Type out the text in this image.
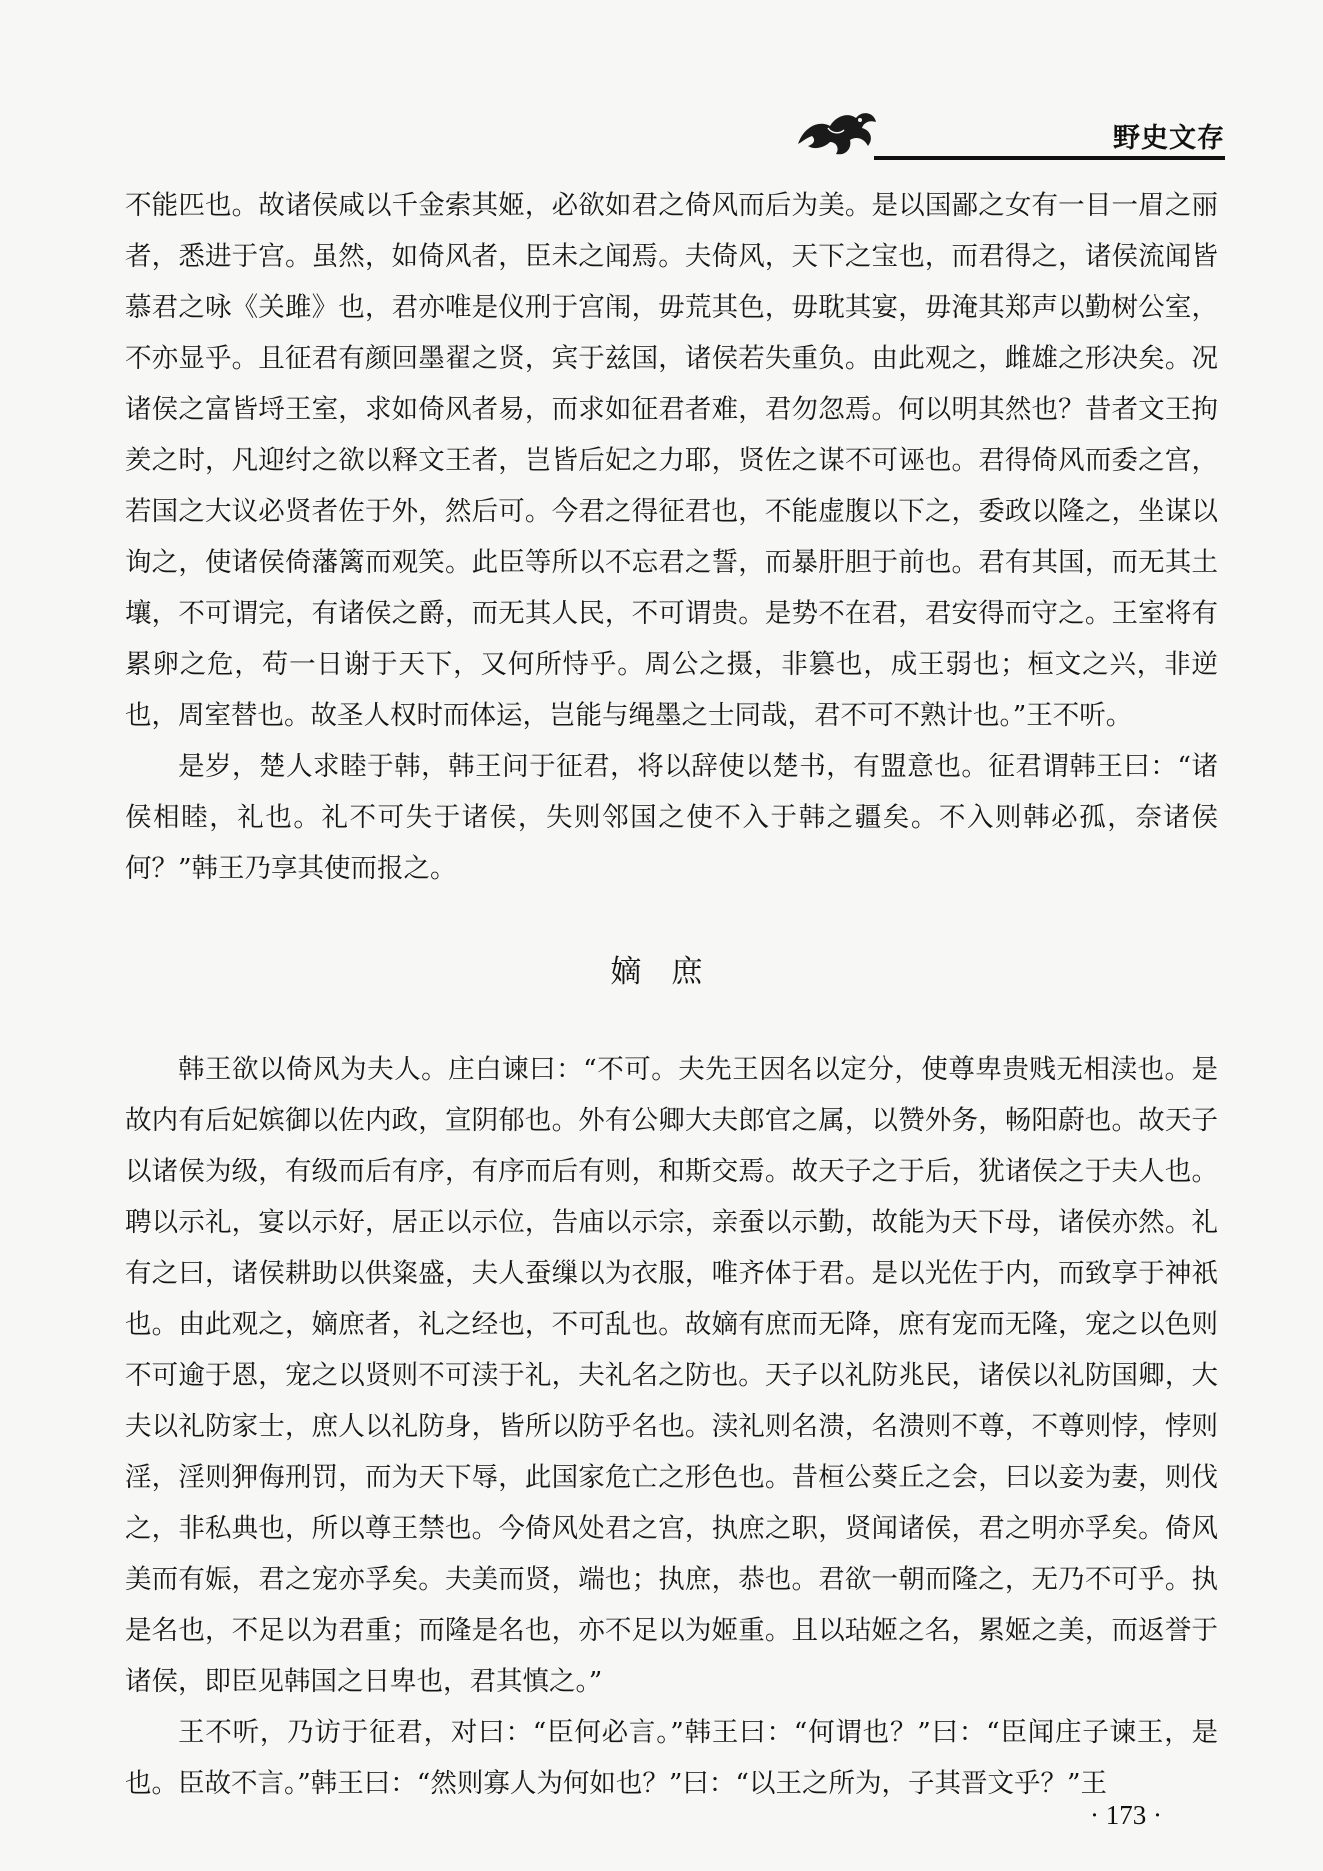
野史文存

不能匹也。故诸侯咸以千金索其姬，必欲如君之倚风而后为美。是以国鄙之女有一目一眉之丽者，悉进于宫。虽然，如倚风者，臣未之闻焉。夫倚风，天下之宝也，而君得之，诸侯流闻皆慕君之咏《关雎》也，君亦唯是仪刑于宫闱，毋荒其色，毋耽其宴，毋淹其郑声以勤树公室，不亦显乎。且征君有颜回墨翟之贤，宾于兹国，诸侯若失重负。由此观之，雌雄之形决矣。况诸侯之富皆埒王室，求如倚风者易，而求如征君者难，君勿忽焉。何以明其然也？昔者文王拘羑之时，凡迎纣之欲以释文王者，岂皆后妃之力耶，贤佐之谋不可诬也。君得倚风而委之宫，若国之大议必贤者佐于外，然后可。今君之得征君也，不能虚腹以下之，委政以隆之，坐谋以询之，使诸侯倚藩篱而观笑。此臣等所以不忘君之誓，而暴肝胆于前也。君有其国，而无其土壤，不可谓完，有诸侯之爵，而无其人民，不可谓贵。是势不在君，君安得而守之。王室将有累卵之危，苟一日谢于天下，又何所恃乎。周公之摄，非篡也，成王弱也；桓文之兴，非逆也，周室替也。故圣人权时而体运，岂能与绳墨之士同哉，君不可不熟计也。”王不听。

是岁，楚人求睦于韩，韩王问于征君，将以辞使以楚书，有盟意也。征君谓韩王曰：“诸侯相睦，礼也。礼不可失于诸侯，失则邻国之使不入于韩之疆矣。不入则韩必孤，奈诸侯何？”韩王乃享其使而报之。

嫡庶

韩王欲以倚风为夫人。庄白谏曰：“不可。夫先王因名以定分，使尊卑贵贱无相渎也。是故内有后妃嫔御以佐内政，宣阴郁也。外有公卿大夫郎官之属，以赞外务，畅阳蔚也。故天子以诸侯为级，有级而后有序，有序而后有则，和斯交焉。故天子之于后，犹诸侯之于夫人也。聘以示礼，宴以示好，居正以示位，告庙以示宗，亲蚕以示勤，故能为天下母，诸侯亦然。礼有之曰，诸侯耕助以供粢盛，夫人蚕缫以为衣服，唯齐体于君。是以光佐于内，而致享于神祇也。由此观之，嫡庶者，礼之经也，不可乱也。故嫡有庶而无降，庶有宠而无隆，宠之以色则不可逾于恩，宠之以贤则不可渎于礼，夫礼名之防也。天子以礼防兆民，诸侯以礼防国卿，大夫以礼防家士，庶人以礼防身，皆所以防乎名也。渎礼则名溃，名溃则不尊，不尊则悖，悖则淫，淫则狎侮刑罚，而为天下辱，此国家危亡之形色也。昔桓公葵丘之会，曰以妾为妻，则伐之，非私典也，所以尊王禁也。今倚风处君之宫，执庶之职，贤闻诸侯，君之明亦孚矣。倚风美而有娠，君之宠亦孚矣。夫美而贤，端也；执庶，恭也。君欲一朝而隆之，无乃不可乎。执是名也，不足以为君重；而隆是名也，亦不足以为姬重。且以玷姬之名，累姬之美，而返誉于诸侯，即臣见韩国之日卑也，君其慎之。”

王不听，乃访于征君，对曰：“臣何必言。”韩王曰：“何谓也？”曰：“臣闻庄子谏王，是也。臣故不言。”韩王曰：“然则寡人为何如也？”曰：“以王之所为，子其晋文乎？”王

· 173 ·
